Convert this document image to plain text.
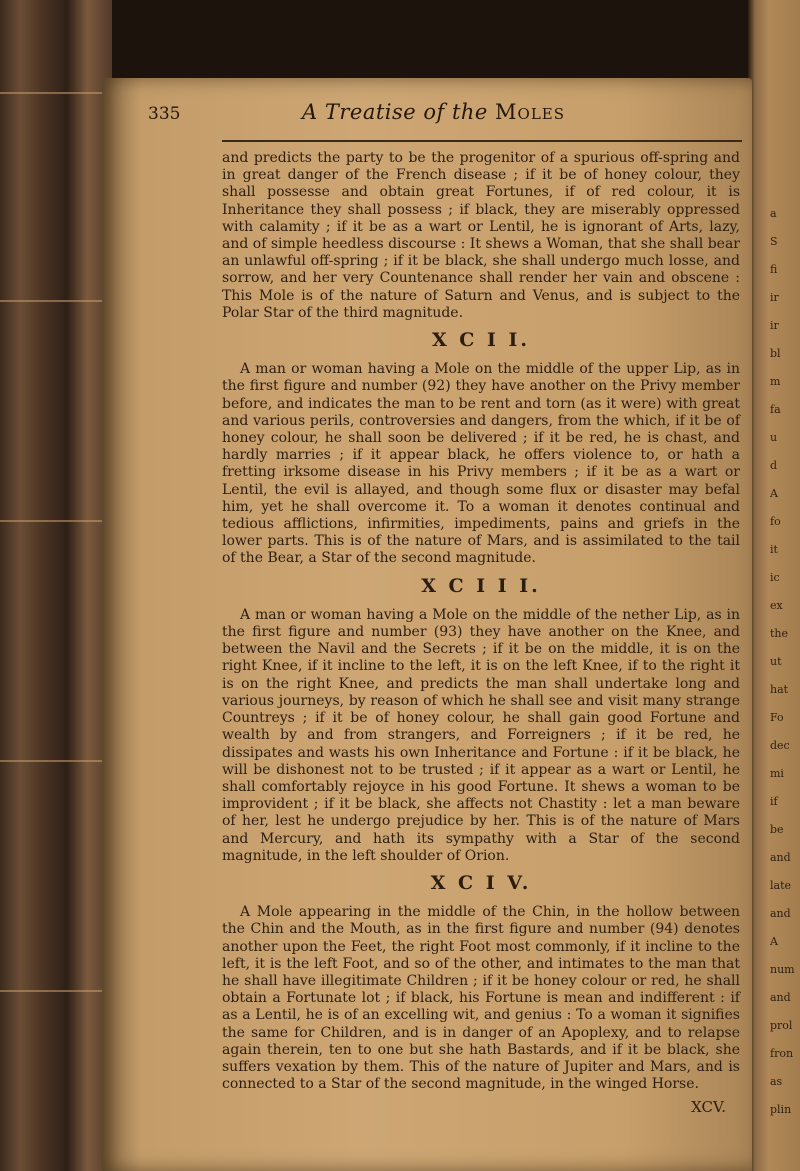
a
S
fi
ir
ir
bl
m
fa
u
d
A
fo
it
ic
ex
the
ut
hat
Fo
dec
mi
if
be
and
late
and
A
num
and
prol
fron
as
plin
335	A Treatise of the Moles

and predicts the party to be the progenitor of a spurious off-spring and in great danger of the French disease ; if it be of honey colour, they shall possesse and obtain great Fortunes, if of red colour, it is Inheritance they shall possess ; if black, they are miserably oppressed with calamity ; if it be as a wart or Lentil, he is ignorant of Arts, lazy, and of simple heedless discourse : It shews a Woman, that she shall bear an unlawful off-spring ; if it be black, she shall undergo much losse, and sorrow, and her very Countenance shall render her vain and obscene : This Mole is of the nature of Saturn and Venus, and is subject to the Polar Star of the third magnitude.

X C I I.

A man or woman having a Mole on the middle of the upper Lip, as in the first figure and number (92) they have another on the Privy member before, and indicates the man to be rent and torn (as it were) with great and various perils, controversies and dangers, from the which, if it be of honey colour, he shall soon be delivered ; if it be red, he is chast, and hardly marries ; if it appear black, he offers violence to, or hath a fretting irksome disease in his Privy members ; if it be as a wart or Lentil, the evil is allayed, and though some flux or disaster may befal him, yet he shall overcome it. To a woman it denotes continual and tedious afflictions, infirmities, impediments, pains and griefs in the lower parts. This is of the nature of Mars, and is assimilated to the tail of the Bear, a Star of the second magnitude.

X C I I I.

A man or woman having a Mole on the middle of the nether Lip, as in the first figure and number (93) they have another on the Knee, and between the Navil and the Secrets ; if it be on the middle, it is on the right Knee, if it incline to the left, it is on the left Knee, if to the right it is on the right Knee, and predicts the man shall undertake long and various journeys, by reason of which he shall see and visit many strange Countreys ; if it be of honey colour, he shall gain good Fortune and wealth by and from strangers, and Forreigners ; if it be red, he dissipates and wasts his own Inheritance and Fortune : if it be black, he will be dishonest not to be trusted ; if it appear as a wart or Lentil, he shall comfortably rejoyce in his good Fortune. It shews a woman to be improvident ; if it be black, she affects not Chastity : let a man beware of her, lest he undergo prejudice by her. This is of the nature of Mars and Mercury, and hath its sympathy with a Star of the second magnitude, in the left shoulder of Orion.

X C I V.

A Mole appearing in the middle of the Chin, in the hollow between the Chin and the Mouth, as in the first figure and number (94) denotes another upon the Feet, the right Foot most commonly, if it incline to the left, it is the left Foot, and so of the other, and intimates to the man that he shall have illegitimate Children ; if it be honey colour or red, he shall obtain a Fortunate lot ; if black, his Fortune is mean and indifferent : if as a Lentil, he is of an excelling wit, and genius : To a woman it signifies the same for Children, and is in danger of an Apoplexy, and to relapse again therein, ten to one but she hath Bastards, and if it be black, she suffers vexation by them. This of the nature of Jupiter and Mars, and is connected to a Star of the second magnitude, in the winged Horse.

XCV.
